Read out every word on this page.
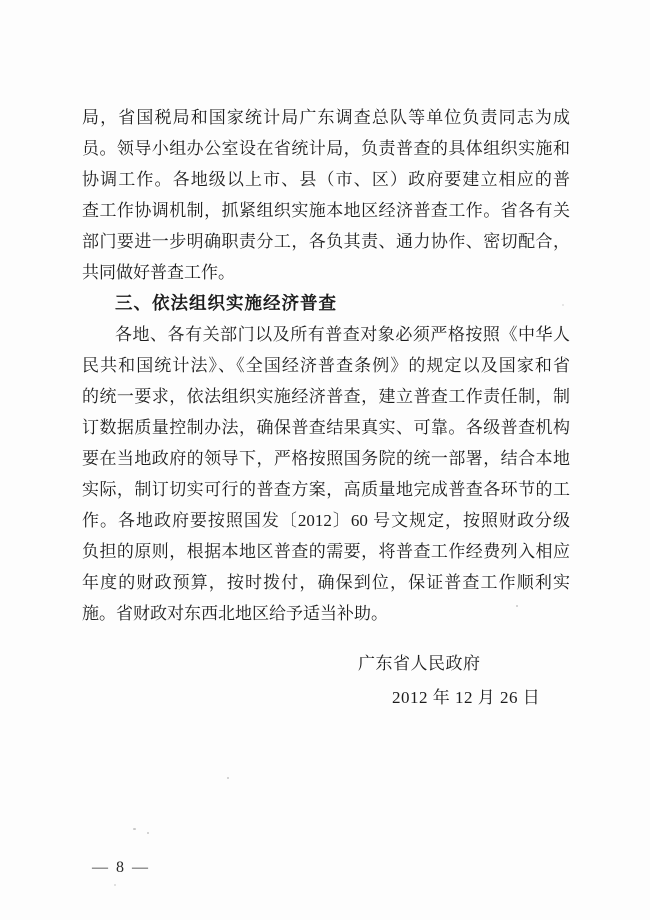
局，省国税局和国家统计局广东调查总队等单位负责同志为成
员。领导小组办公室设在省统计局，负责普查的具体组织实施和
协调工作。各地级以上市、县（市、区）政府要建立相应的普
查工作协调机制，抓紧组织实施本地区经济普查工作。省各有关
部门要进一步明确职责分工，各负其责、通力协作、密切配合，
共同做好普查工作。
三、依法组织实施经济普查
各地、各有关部门以及所有普查对象必须严格按照《中华人
民共和国统计法》、《全国经济普查条例》的规定以及国家和省
的统一要求，依法组织实施经济普查，建立普查工作责任制，制
订数据质量控制办法，确保普查结果真实、可靠。各级普查机构
要在当地政府的领导下，严格按照国务院的统一部署，结合本地
实际，制订切实可行的普查方案，高质量地完成普查各环节的工
作。各地政府要按照国发〔2012〕60 号文规定，按照财政分级
负担的原则，根据本地区普查的需要，将普查工作经费列入相应
年度的财政预算，按时拨付，确保到位，保证普查工作顺利实
施。省财政对东西北地区给予适当补助。
广东省人民政府
2012 年 12 月 26 日
— 8 —
